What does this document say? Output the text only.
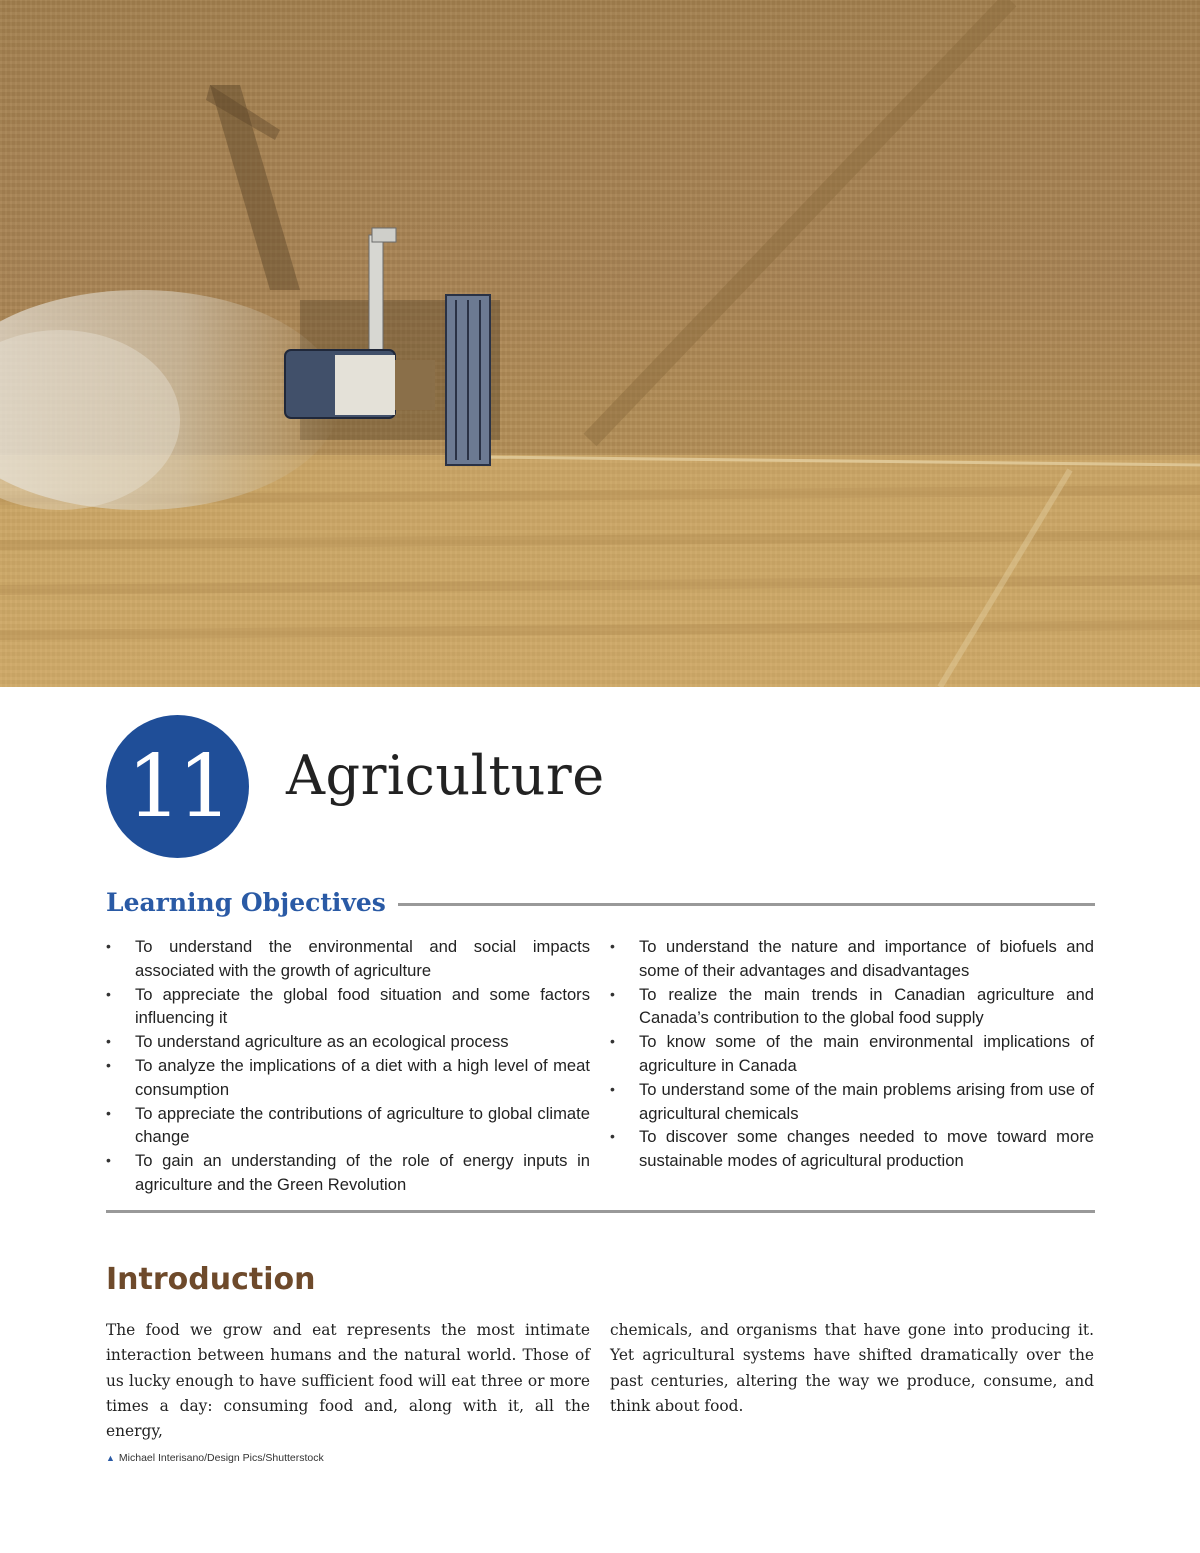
11 Agriculture
Learning Objectives
• To understand the environmental and social impacts associated with the growth of agriculture
• To appreciate the global food situation and some factors influencing it
• To understand agriculture as an ecological process
• To analyze the implications of a diet with a high level of meat consumption
• To appreciate the contributions of agriculture to global climate change
• To gain an understanding of the role of energy inputs in agriculture and the Green Revolution
• To understand the nature and importance of biofuels and some of their advantages and disadvantages
• To realize the main trends in Canadian agriculture and Canada’s contribution to the global food supply
• To know some of the main environmental implications of agriculture in Canada
• To understand some of the main problems arising from use of agricultural chemicals
• To discover some changes needed to move toward more sustainable modes of agricultural production
Introduction

The food we grow and eat represents the most intimate interaction between humans and the natural world. Those of us lucky enough to have sufficient food will eat three or more times a day: consuming food and, along with it, all the energy,

chemicals, and organisms that have gone into producing it. Yet agricultural systems have shifted dramatically over the past centuries, altering the way we produce, consume, and think about food.

▲ Michael Interisano/Design Pics/Shutterstock
